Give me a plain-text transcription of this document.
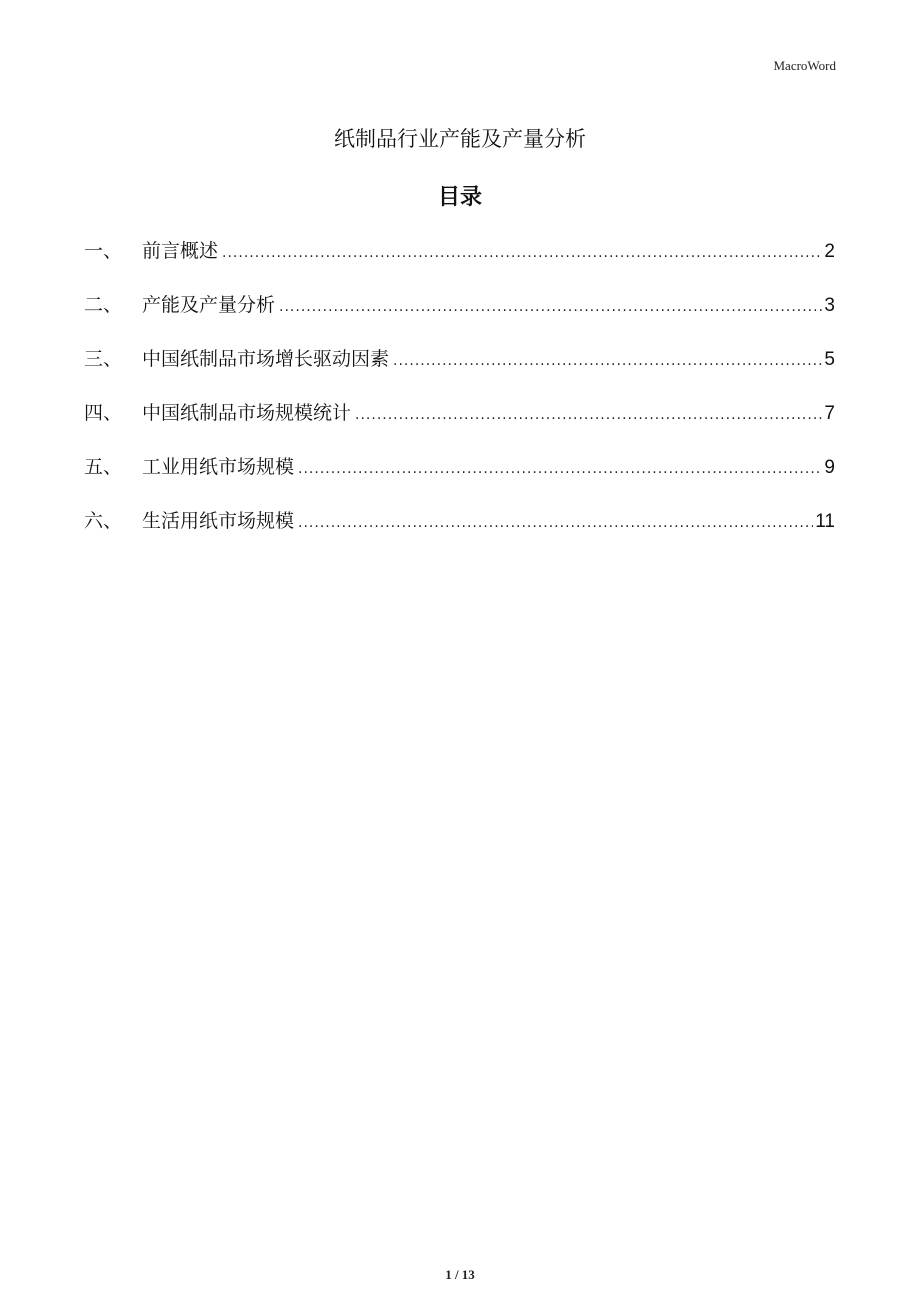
MacroWord
纸制品行业产能及产量分析
目录
一、	前言概述 .....	2
二、	产能及产量分析 .....	3
三、	中国纸制品市场增长驱动因素 .....	5
四、	中国纸制品市场规模统计 .....	7
五、	工业用纸市场规模 .....	9
六、	生活用纸市场规模 .....	11
1 / 13
